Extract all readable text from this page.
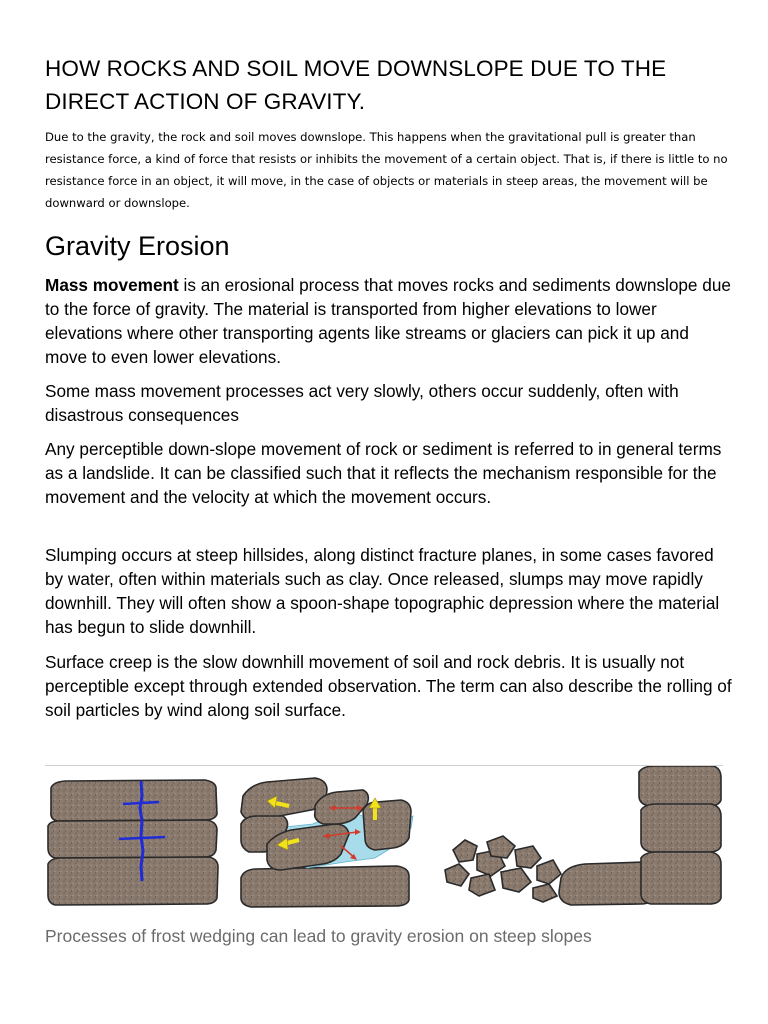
HOW ROCKS AND SOIL MOVE DOWNSLOPE DUE TO THE DIRECT ACTION OF GRAVITY.

Due to the gravity, the rock and soil moves downslope. This happens when the gravitational pull is greater than resistance force, a kind of force that resists or inhibits the movement of a certain object. That is, if there is little to no resistance force in an object, it will move, in the case of objects or materials in steep areas, the movement will be downward or downslope.

Gravity Erosion

Mass movement is an erosional process that moves rocks and sediments downslope due to the force of gravity. The material is transported from higher elevations to lower elevations where other transporting agents like streams or glaciers can pick it up and move to even lower elevations.

Some mass movement processes act very slowly, others occur suddenly, often with disastrous consequences

Any perceptible down-slope movement of rock or sediment is referred to in general terms as a landslide. It can be classified such that it reflects the mechanism responsible for the movement and the velocity at which the movement occurs.

Slumping occurs at steep hillsides, along distinct fracture planes, in some cases favored by water, often within materials such as clay. Once released, slumps may move rapidly downhill. They will often show a spoon-shape topographic depression where the material has begun to slide downhill.

Surface creep is the slow downhill movement of soil and rock debris. It is usually not perceptible except through extended observation. The term can also describe the rolling of soil particles by wind along soil surface.

Processes of frost wedging can lead to gravity erosion on steep slopes
